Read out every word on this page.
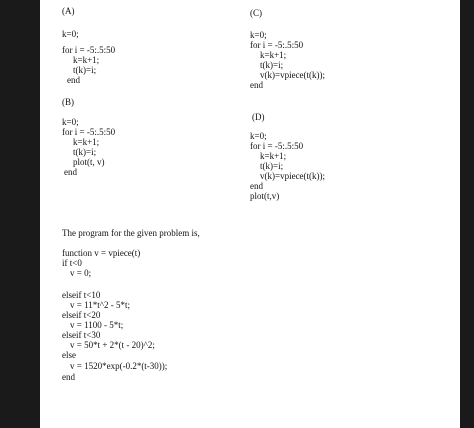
(A)
k=0;
for i = -5:.5:50
k=k+1;
t(k)=i;
end
(B)
k=0;
for i = -5:.5:50
k=k+1;
t(k)=i;
plot(t, v)
end
(C)
k=0;
for i = -5:.5:50
k=k+1;
t(k)=i;
v(k)=vpiece(t(k));
end
(D)
k=0;
for i = -5:.5:50
k=k+1;
t(k)=i;
v(k)=vpiece(t(k));
end
plot(t,v)
The program for the given problem is,
function v = vpiece(t)
if t<0
v = 0;
elseif t<10
v = 11*t^2 - 5*t;
elseif t<20
v = 1100 - 5*t;
elseif t<30
v = 50*t + 2*(t - 20)^2;
else
v = 1520*exp(-0.2*(t-30));
end
